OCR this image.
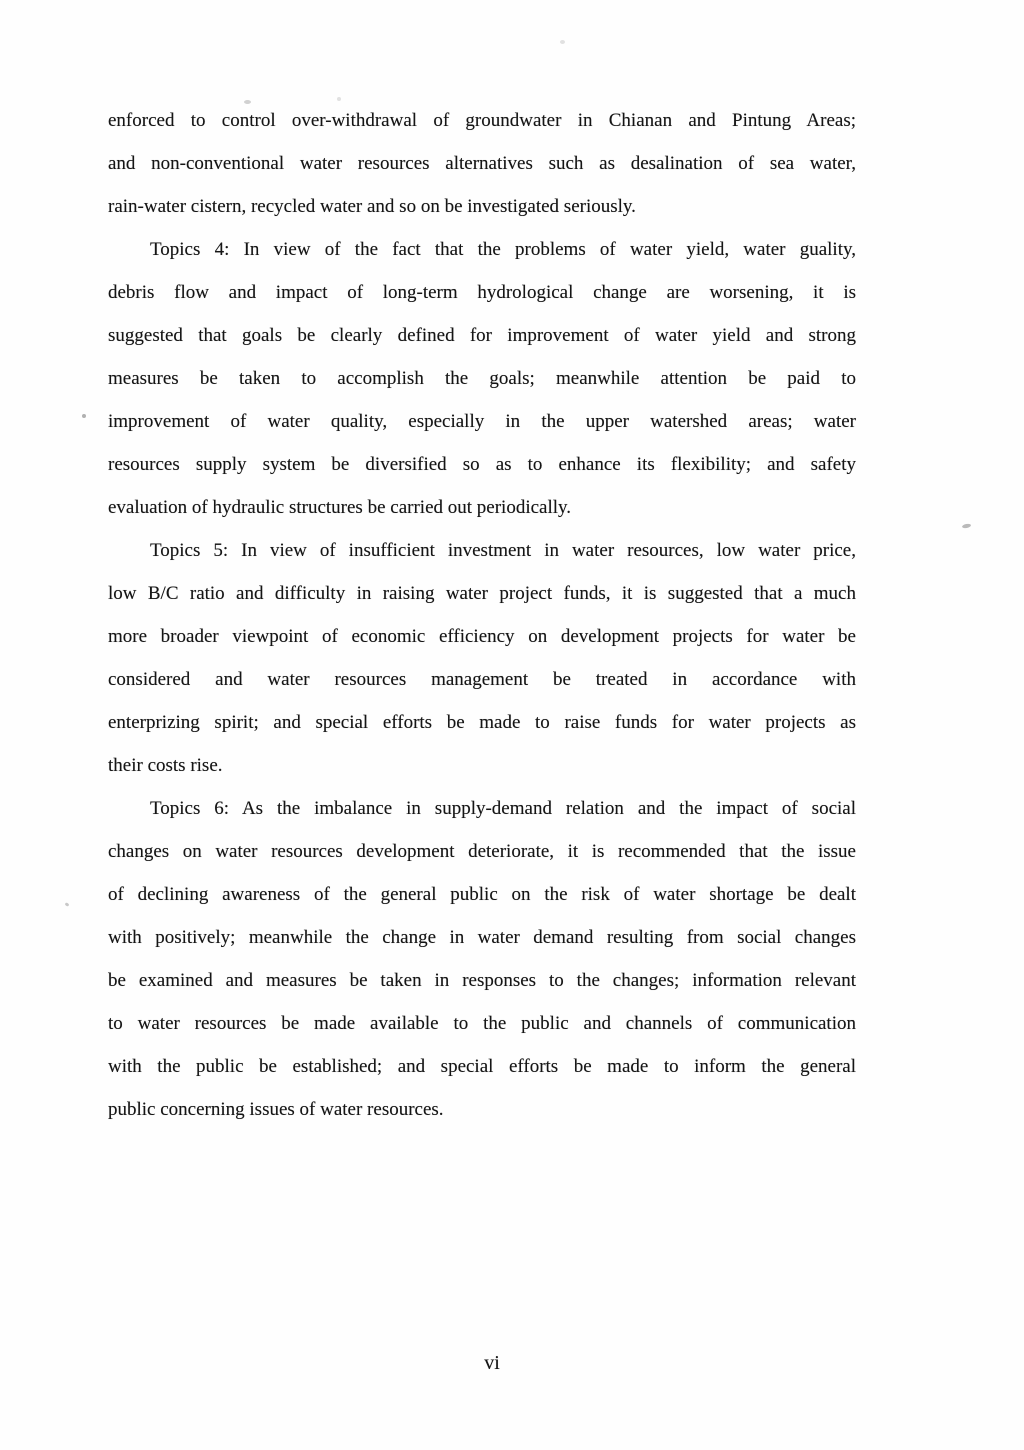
enforced to control over-withdrawal of groundwater in Chianan and Pintung Areas;
and non-conventional water resources alternatives such as desalination of sea water,
rain-water cistern, recycled water and so on be investigated seriously.
Topics 4: In view of the fact that the problems of water yield, water guality,
debris flow and impact of long-term hydrological change are worsening, it is
suggested that goals be clearly defined for improvement of water yield and strong
measures be taken to accomplish the goals; meanwhile attention be paid to
improvement of water quality, especially in the upper watershed areas; water
resources supply system be diversified so as to enhance its flexibility; and safety
evaluation of hydraulic structures be carried out periodically.
Topics 5: In view of insufficient investment in water resources, low water price,
low B/C ratio and difficulty in raising water project funds, it is suggested that a much
more broader viewpoint of economic efficiency on development projects for water be
considered and water resources management be treated in accordance with
enterprizing spirit; and special efforts be made to raise funds for water projects as
their costs rise.
Topics 6: As the imbalance in supply-demand relation and the impact of social
changes on water resources development deteriorate, it is recommended that the issue
of declining awareness of the general public on the risk of water shortage be dealt
with positively; meanwhile the change in water demand resulting from social changes
be examined and measures be taken in responses to the changes; information relevant
to water resources be made available to the public and channels of communication
with the public be established; and special efforts be made to inform the general
public concerning issues of water resources.
vi
